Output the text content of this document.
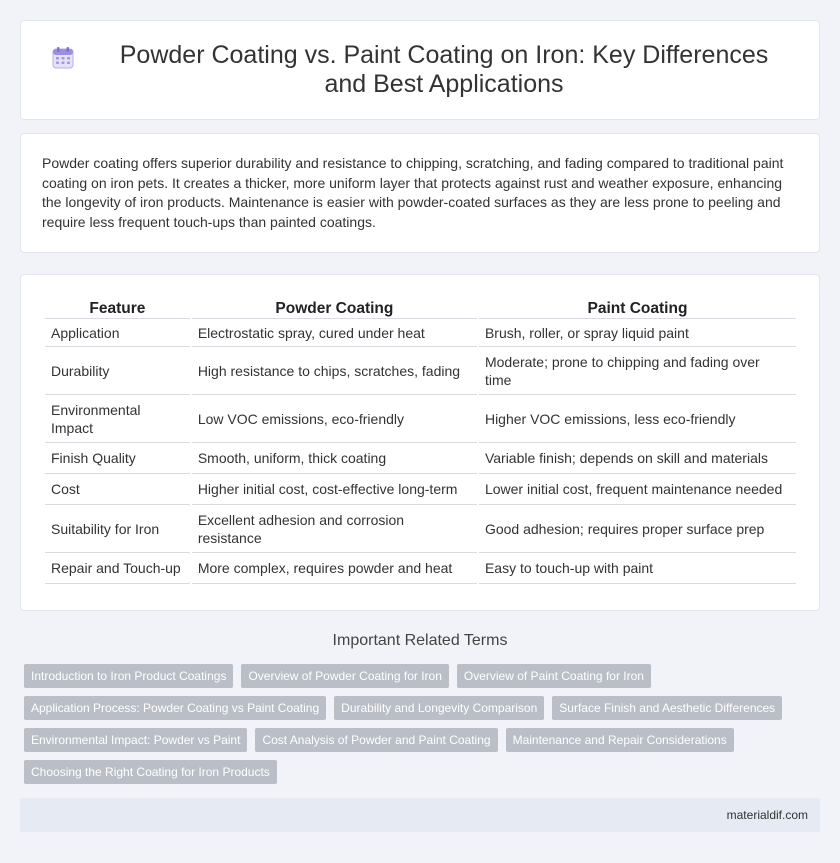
Powder Coating vs. Paint Coating on Iron: Key Differences and Best Applications

Powder coating offers superior durability and resistance to chipping, scratching, and fading compared to traditional paint coating on iron pets. It creates a thicker, more uniform layer that protects against rust and weather exposure, enhancing the longevity of iron products. Maintenance is easier with powder-coated surfaces as they are less prone to peeling and require less frequent touch-ups than painted coatings.

Feature	Powder Coating	Paint Coating
Application	Electrostatic spray, cured under heat	Brush, roller, or spray liquid paint
Durability	High resistance to chips, scratches, fading	Moderate; prone to chipping and fading over time
Environmental Impact	Low VOC emissions, eco-friendly	Higher VOC emissions, less eco-friendly
Finish Quality	Smooth, uniform, thick coating	Variable finish; depends on skill and materials
Cost	Higher initial cost, cost-effective long-term	Lower initial cost, frequent maintenance needed
Suitability for Iron	Excellent adhesion and corrosion resistance	Good adhesion; requires proper surface prep
Repair and Touch-up	More complex, requires powder and heat	Easy to touch-up with paint
Important Related Terms
Introduction to Iron Product Coatings	Overview of Powder Coating for Iron	Overview of Paint Coating for Iron
Application Process: Powder Coating vs Paint Coating	Durability and Longevity Comparison	Surface Finish and Aesthetic Differences
Environmental Impact: Powder vs Paint	Cost Analysis of Powder and Paint Coating	Maintenance and Repair Considerations
Choosing the Right Coating for Iron Products
materialdif.com
